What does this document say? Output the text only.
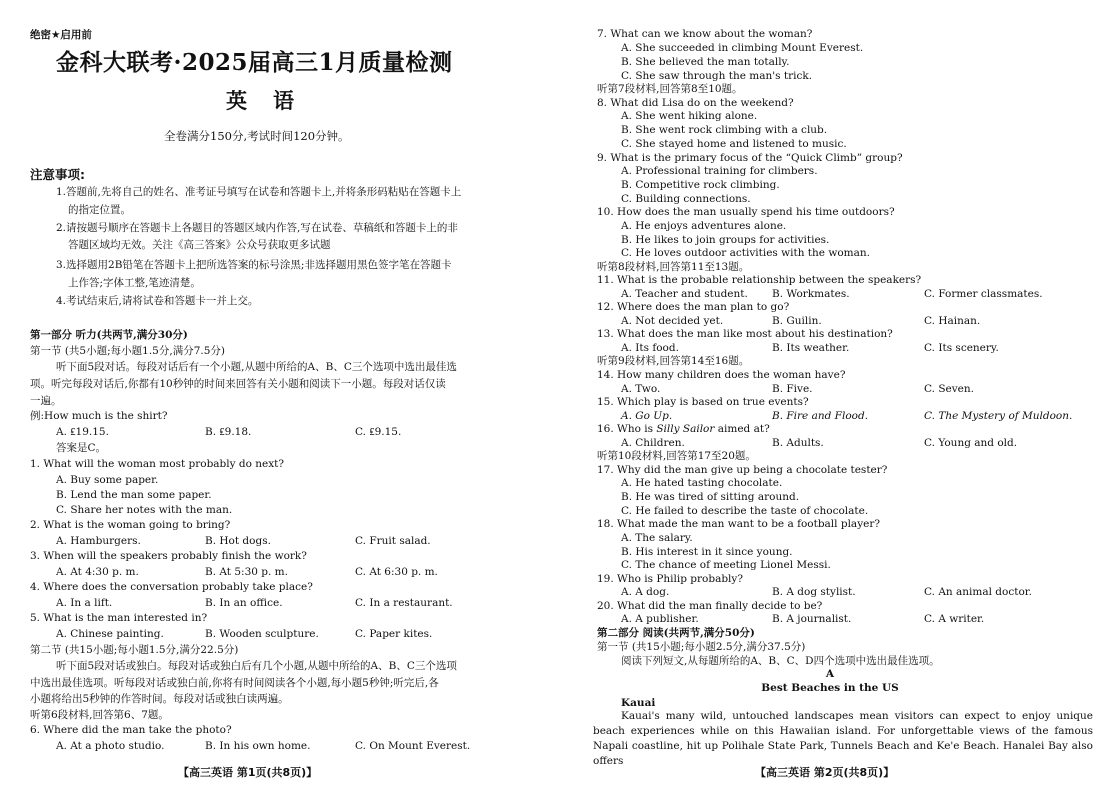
绝密★启用前
金科大联考·2025届高三1月质量检测
英语
全卷满分150分,考试时间120分钟。
注意事项:
1.答题前,先将自己的姓名、准考证号填写在试卷和答题卡上,并将条形码粘贴在答题卡上
的指定位置。
2.请按题号顺序在答题卡上各题目的答题区域内作答,写在试卷、草稿纸和答题卡上的非
答题区域均无效。关注《高三答案》公众号获取更多试题
3.选择题用2B铅笔在答题卡上把所选答案的标号涂黑;非选择题用黑色签字笔在答题卡
上作答;字体工整,笔迹清楚。
4.考试结束后,请将试卷和答题卡一并上交。
第一部分 听力(共两节,满分30分)
第一节 (共5小题;每小题1.5分,满分7.5分)
听下面5段对话。每段对话后有一个小题,从题中所给的A、B、C三个选项中选出最佳选
项。听完每段对话后,你都有10秒钟的时间来回答有关小题和阅读下一小题。每段对话仅读
一遍。
例:How much is the shirt?
A. ₤19.15.	B. ₤9.18.	C. ₤9.15.
答案是C。
1. What will the woman most probably do next?
A. Buy some paper.
B. Lend the man some paper.
C. Share her notes with the man.
2. What is the woman going to bring?
A. Hamburgers.	B. Hot dogs.	C. Fruit salad.
3. When will the speakers probably finish the work?
A. At 4:30 p. m.	B. At 5:30 p. m.	C. At 6:30 p. m.
4. Where does the conversation probably take place?
A. In a lift.	B. In an office.	C. In a restaurant.
5. What is the man interested in?
A. Chinese painting.	B. Wooden sculpture.	C. Paper kites.
第二节 (共15小题;每小题1.5分,满分22.5分)
听下面5段对话或独白。每段对话或独白后有几个小题,从题中所给的A、B、C三个选项
中选出最佳选项。听每段对话或独白前,你将有时间阅读各个小题,每小题5秒钟;听完后,各
小题将给出5秒钟的作答时间。每段对话或独白读两遍。
听第6段材料,回答第6、7题。
6. Where did the man take the photo?
A. At a photo studio.	B. In his own home.	C. On Mount Everest.
【高三英语 第1页(共8页)】
7. What can we know about the woman?
A. She succeeded in climbing Mount Everest.
B. She believed the man totally.
C. She saw through the man's trick.
听第7段材料,回答第8至10题。
8. What did Lisa do on the weekend?
A. She went hiking alone.
B. She went rock climbing with a club.
C. She stayed home and listened to music.
9. What is the primary focus of the “Quick Climb” group?
A. Professional training for climbers.
B. Competitive rock climbing.
C. Building connections.
10. How does the man usually spend his time outdoors?
A. He enjoys adventures alone.
B. He likes to join groups for activities.
C. He loves outdoor activities with the woman.
听第8段材料,回答第11至13题。
11. What is the probable relationship between the speakers?
A. Teacher and student. B. Workmates.	C. Former classmates.
12. Where does the man plan to go?
A. Not decided yet.	B. Guilin.	C. Hainan.
13. What does the man like most about his destination?
A. Its food.	B. Its weather.	C. Its scenery.
听第9段材料,回答第14至16题。
14. How many children does the woman have?
A. Two.	B. Five.	C. Seven.
15. Which play is based on true events?
A. Go Up.	B. Fire and Flood.	C. The Mystery of Muldoon.
16. Who is Silly Sailor aimed at?
A. Children.	B. Adults.	C. Young and old.
听第10段材料,回答第17至20题。
17. Why did the man give up being a chocolate tester?
A. He hated tasting chocolate.
B. He was tired of sitting around.
C. He failed to describe the taste of chocolate.
18. What made the man want to be a football player?
A. The salary.
B. His interest in it since young.
C. The chance of meeting Lionel Messi.
19. Who is Philip probably?
A. A dog.	B. A dog stylist.	C. An animal doctor.
20. What did the man finally decide to be?
A. A publisher.	B. A journalist.	C. A writer.
第二部分 阅读(共两节,满分50分)
第一节 (共15小题;每小题2.5分,满分37.5分)
阅读下列短文,从每题所给的A、B、C、D四个选项中选出最佳选项。
A
Best Beaches in the US
Kauai
Kauai's many wild, untouched landscapes mean visitors can expect to enjoy unique beach experiences while on this Hawaiian island. For unforgettable views of the famous Napali coastline, hit up Polihale State Park, Tunnels Beach and Ke'e Beach. Hanalei Bay also offers
【高三英语 第2页(共8页)】
